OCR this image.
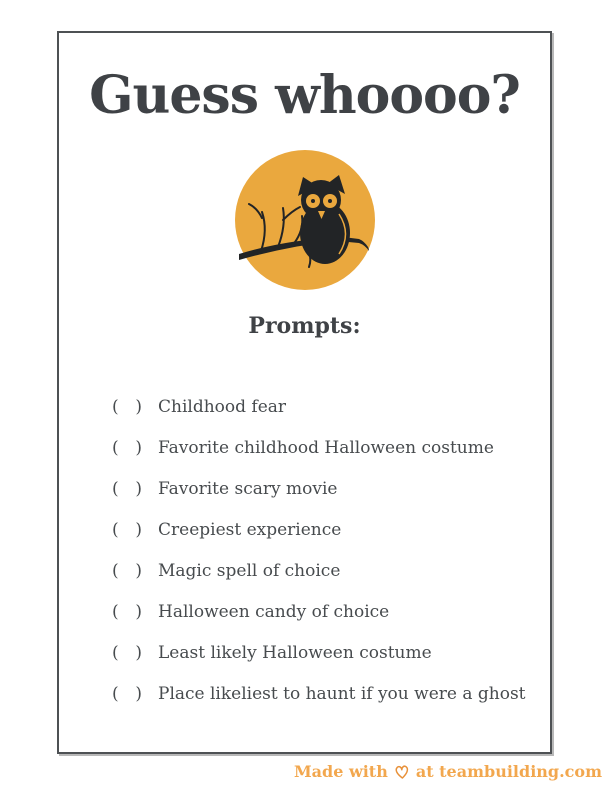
Guess whoooo?
Prompts:
( ) Childhood fear
( ) Favorite childhood Halloween costume
( ) Favorite scary movie
( ) Creepiest experience
( ) Magic spell of choice
( ) Halloween candy of choice
( ) Least likely Halloween costume
( ) Place likeliest to haunt if you were a ghost
Made with at teambuilding.com
